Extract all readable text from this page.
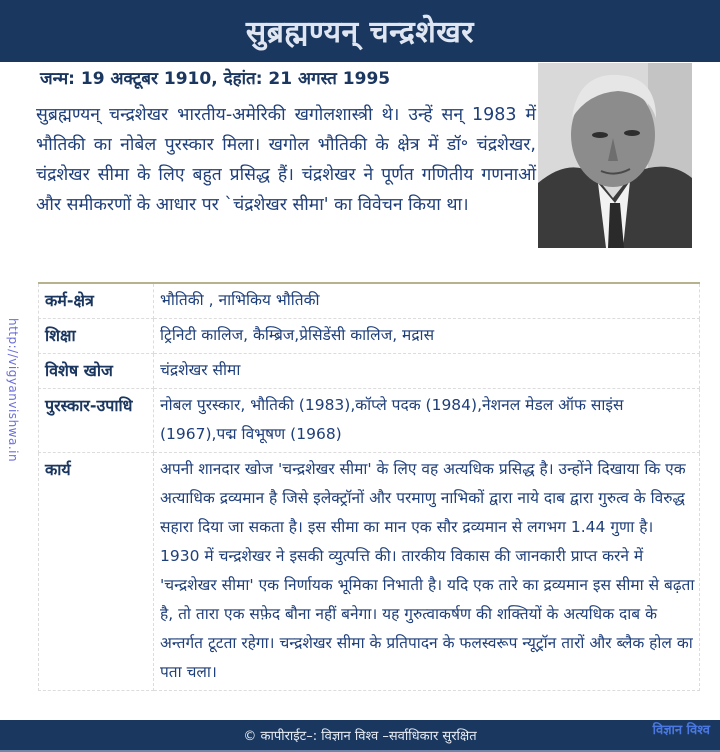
सुब्रह्मण्यन् चन्द्रशेखर
जन्म: 19 अक्टूबर 1910, देहांत: 21 अगस्त 1995
सुब्रह्मण्यन् चन्द्रशेखर भारतीय-अमेरिकी खगोलशास्त्री थे। उन्हें सन् 1983 में भौतिकी का नोबेल पुरस्कार मिला। खगोल भौतिकी के क्षेत्र में डॉ॰ चंद्रशेखर, चंद्रशेखर सीमा के लिए बहुत प्रसिद्ध हैं। चंद्रशेखर ने पूर्णत गणितीय गणनाओं और समीकरणों के आधार पर `चंद्रशेखर सीमा' का विवेचन किया था।
http://vigyanvishwa.in
कर्म-क्षेत्र	भौतिकी , नाभिकिय भौतिकी
शिक्षा	ट्रिनिटी कालिज, कैम्ब्रिज,प्रेसिडेंसी कालिज, मद्रास
विशेष खोज	चंद्रशेखर सीमा
पुरस्कार-उपाधि	नोबल पुरस्कार, भौतिकी (1983),कॉप्ले पदक (1984),नेशनल मेडल ऑफ साइंस (1967),पद्म विभूषण (1968)
कार्य	अपनी शानदार खोज 'चन्द्रशेखर सीमा' के लिए वह अत्यधिक प्रसिद्ध है। उन्होंने दिखाया कि एक अत्याधिक द्रव्यमान है जिसे इलेक्ट्रॉनों और परमाणु नाभिकों द्वारा नाये दाब द्वारा गुरुत्व के विरुद्ध सहारा दिया जा सकता है। इस सीमा का मान एक सौर द्रव्यमान से लगभग 1.44 गुणा है। 1930 में चन्द्रशेखर ने इसकी व्युत्पत्ति की। तारकीय विकास की जानकारी प्राप्त करने में 'चन्द्रशेखर सीमा' एक निर्णायक भूमिका निभाती है। यदि एक तारे का द्रव्यमान इस सीमा से बढ़ता है, तो तारा एक सफ़ेद बौना नहीं बनेगा। यह गुरुत्वाकर्षण की शक्तियों के अत्यधिक दाब के अन्तर्गत टूटता रहेगा। चन्द्रशेखर सीमा के प्रतिपादन के फलस्वरूप न्यूट्रॉन तारों और ब्लैक होल का पता चला।
© कापीराईट–: विज्ञान विश्व –सर्वाधिकार सुरक्षित	विज्ञान विश्व
